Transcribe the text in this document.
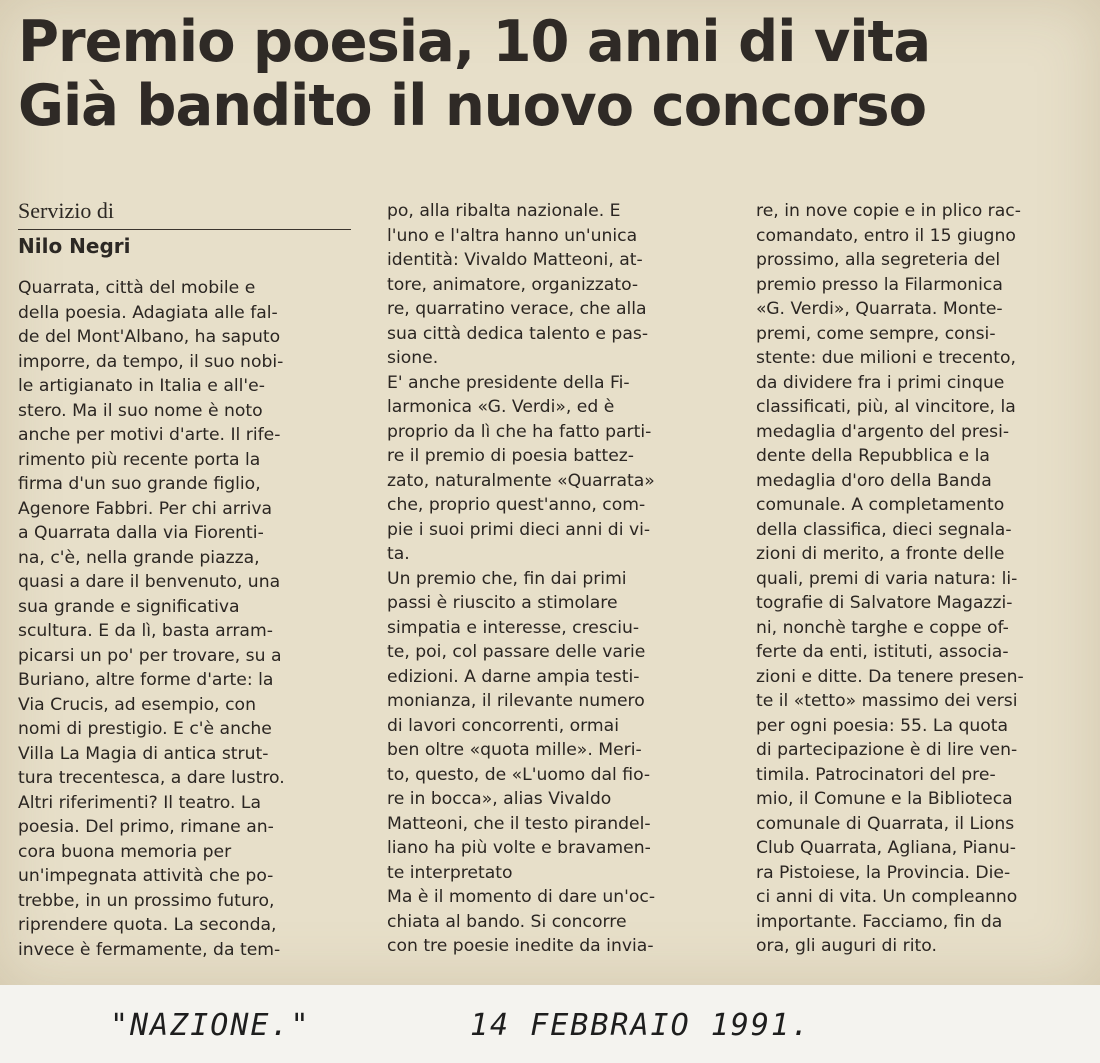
Premio poesia, 10 anni di vita
Già bandito il nuovo concorso
Servizio di
Nilo Negri
Quarrata, città del mobile e
della poesia. Adagiata alle fal-
de del Mont'Albano, ha saputo
imporre, da tempo, il suo nobi-
le artigianato in Italia e all'e-
stero. Ma il suo nome è noto
anche per motivi d'arte. Il rife-
rimento più recente porta la
firma d'un suo grande figlio,
Agenore Fabbri. Per chi arriva
a Quarrata dalla via Fiorenti-
na, c'è, nella grande piazza,
quasi a dare il benvenuto, una
sua grande e significativa
scultura. E da lì, basta arram-
picarsi un po' per trovare, su a
Buriano, altre forme d'arte: la
Via Crucis, ad esempio, con
nomi di prestigio. E c'è anche
Villa La Magia di antica strut-
tura trecentesca, a dare lustro.
Altri riferimenti? Il teatro. La
poesia. Del primo, rimane an-
cora buona memoria per
un'impegnata attività che po-
trebbe, in un prossimo futuro,
riprendere quota. La seconda,
invece è fermamente, da tem-
po, alla ribalta nazionale. E
l'uno e l'altra hanno un'unica
identità: Vivaldo Matteoni, at-
tore, animatore, organizzato-
re, quarratino verace, che alla
sua città dedica talento e pas-
sione.
E' anche presidente della Fi-
larmonica «G. Verdi», ed è
proprio da lì che ha fatto parti-
re il premio di poesia battez-
zato, naturalmente «Quarrata»
che, proprio quest'anno, com-
pie i suoi primi dieci anni di vi-
ta.
Un premio che, fin dai primi
passi è riuscito a stimolare
simpatia e interesse, cresciu-
te, poi, col passare delle varie
edizioni. A darne ampia testi-
monianza, il rilevante numero
di lavori concorrenti, ormai
ben oltre «quota mille». Meri-
to, questo, de «L'uomo dal fio-
re in bocca», alias Vivaldo
Matteoni, che il testo pirandel-
liano ha più volte e bravamen-
te interpretato
Ma è il momento di dare un'oc-
chiata al bando. Si concorre
con tre poesie inedite da invia-
re, in nove copie e in plico rac-
comandato, entro il 15 giugno
prossimo, alla segreteria del
premio presso la Filarmonica
«G. Verdi», Quarrata. Monte-
premi, come sempre, consi-
stente: due milioni e trecento,
da dividere fra i primi cinque
classificati, più, al vincitore, la
medaglia d'argento del presi-
dente della Repubblica e la
medaglia d'oro della Banda
comunale. A completamento
della classifica, dieci segnala-
zioni di merito, a fronte delle
quali, premi di varia natura: li-
tografie di Salvatore Magazzi-
ni, nonchè targhe e coppe of-
ferte da enti, istituti, associa-
zioni e ditte. Da tenere presen-
te il «tetto» massimo dei versi
per ogni poesia: 55. La quota
di partecipazione è di lire ven-
timila. Patrocinatori del pre-
mio, il Comune e la Biblioteca
comunale di Quarrata, il Lions
Club Quarrata, Agliana, Pianu-
ra Pistoiese, la Provincia. Die-
ci anni di vita. Un compleanno
importante. Facciamo, fin da
ora, gli auguri di rito.
"NAZIONE."	14 FEBBRAIO 1991.
